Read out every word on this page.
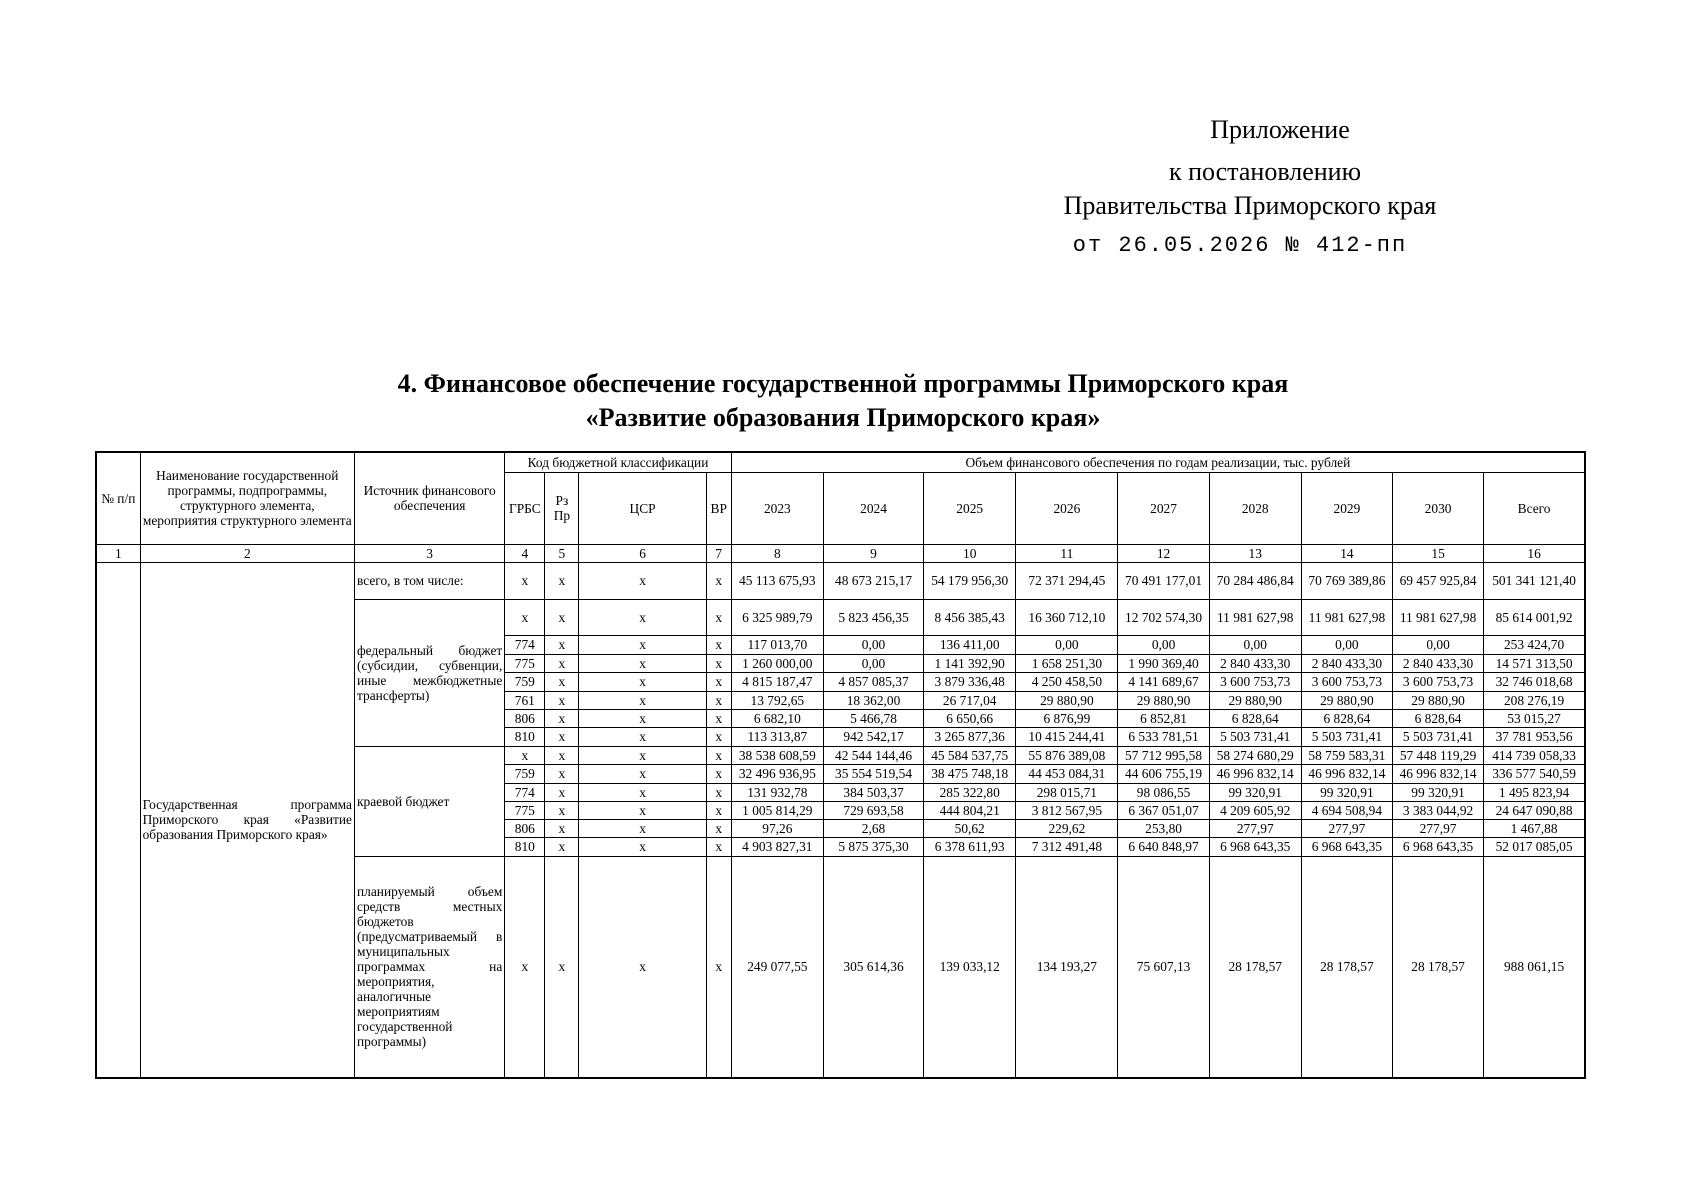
Приложение
к постановлению
Правительства Приморского края
от 26.05.2026 № 412-пп
4. Финансовое обеспечение государственной программы Приморского края
«Развитие образования Приморского края»
№ п/п	Наименование государственной программы, подпрограммы, структурного элемента, мероприятия структурного элемента	Источник финансового обеспечения	Код бюджетной классификации				Объем финансового обеспечения по годам реализации, тыс. рублей								
			ГРБС	Рз Пр	ЦСР	ВР	2023	2024	2025	2026	2027	2028	2029	2030	Всего
1	2	3	4	5	6	7	8	9	10	11	12	13	14	15	16
	Государственная программа Приморского края «Развитие образования Приморского края»	всего, в том числе:	x	x	x	x	45 113 675,93	48 673 215,17	54 179 956,30	72 371 294,45	70 491 177,01	70 284 486,84	70 769 389,86	69 457 925,84	501 341 121,40
		федеральный бюджет (субсидии, субвенции, иные межбюджетные трансферты)	x	x	x	x	6 325 989,79	5 823 456,35	8 456 385,43	16 360 712,10	12 702 574,30	11 981 627,98	11 981 627,98	11 981 627,98	85 614 001,92
			774	x	x	x	117 013,70	0,00	136 411,00	0,00	0,00	0,00	0,00	0,00	253 424,70
			775	x	x	x	1 260 000,00	0,00	1 141 392,90	1 658 251,30	1 990 369,40	2 840 433,30	2 840 433,30	2 840 433,30	14 571 313,50
			759	x	x	x	4 815 187,47	4 857 085,37	3 879 336,48	4 250 458,50	4 141 689,67	3 600 753,73	3 600 753,73	3 600 753,73	32 746 018,68
			761	x	x	x	13 792,65	18 362,00	26 717,04	29 880,90	29 880,90	29 880,90	29 880,90	29 880,90	208 276,19
			806	x	x	x	6 682,10	5 466,78	6 650,66	6 876,99	6 852,81	6 828,64	6 828,64	6 828,64	53 015,27
			810	x	x	x	113 313,87	942 542,17	3 265 877,36	10 415 244,41	6 533 781,51	5 503 731,41	5 503 731,41	5 503 731,41	37 781 953,56
		краевой бюджет	x	x	x	x	38 538 608,59	42 544 144,46	45 584 537,75	55 876 389,08	57 712 995,58	58 274 680,29	58 759 583,31	57 448 119,29	414 739 058,33
			759	x	x	x	32 496 936,95	35 554 519,54	38 475 748,18	44 453 084,31	44 606 755,19	46 996 832,14	46 996 832,14	46 996 832,14	336 577 540,59
			774	x	x	x	131 932,78	384 503,37	285 322,80	298 015,71	98 086,55	99 320,91	99 320,91	99 320,91	1 495 823,94
			775	x	x	x	1 005 814,29	729 693,58	444 804,21	3 812 567,95	6 367 051,07	4 209 605,92	4 694 508,94	3 383 044,92	24 647 090,88
			806	x	x	x	97,26	2,68	50,62	229,62	253,80	277,97	277,97	277,97	1 467,88
			810	x	x	x	4 903 827,31	5 875 375,30	6 378 611,93	7 312 491,48	6 640 848,97	6 968 643,35	6 968 643,35	6 968 643,35	52 017 085,05
		планируемый объем средств местных бюджетов (предусматриваемый в муниципальных программах на мероприятия, аналогичные мероприятиям государственной программы)	x	x	x	x	249 077,55	305 614,36	139 033,12	134 193,27	75 607,13	28 178,57	28 178,57	28 178,57	988 061,15
